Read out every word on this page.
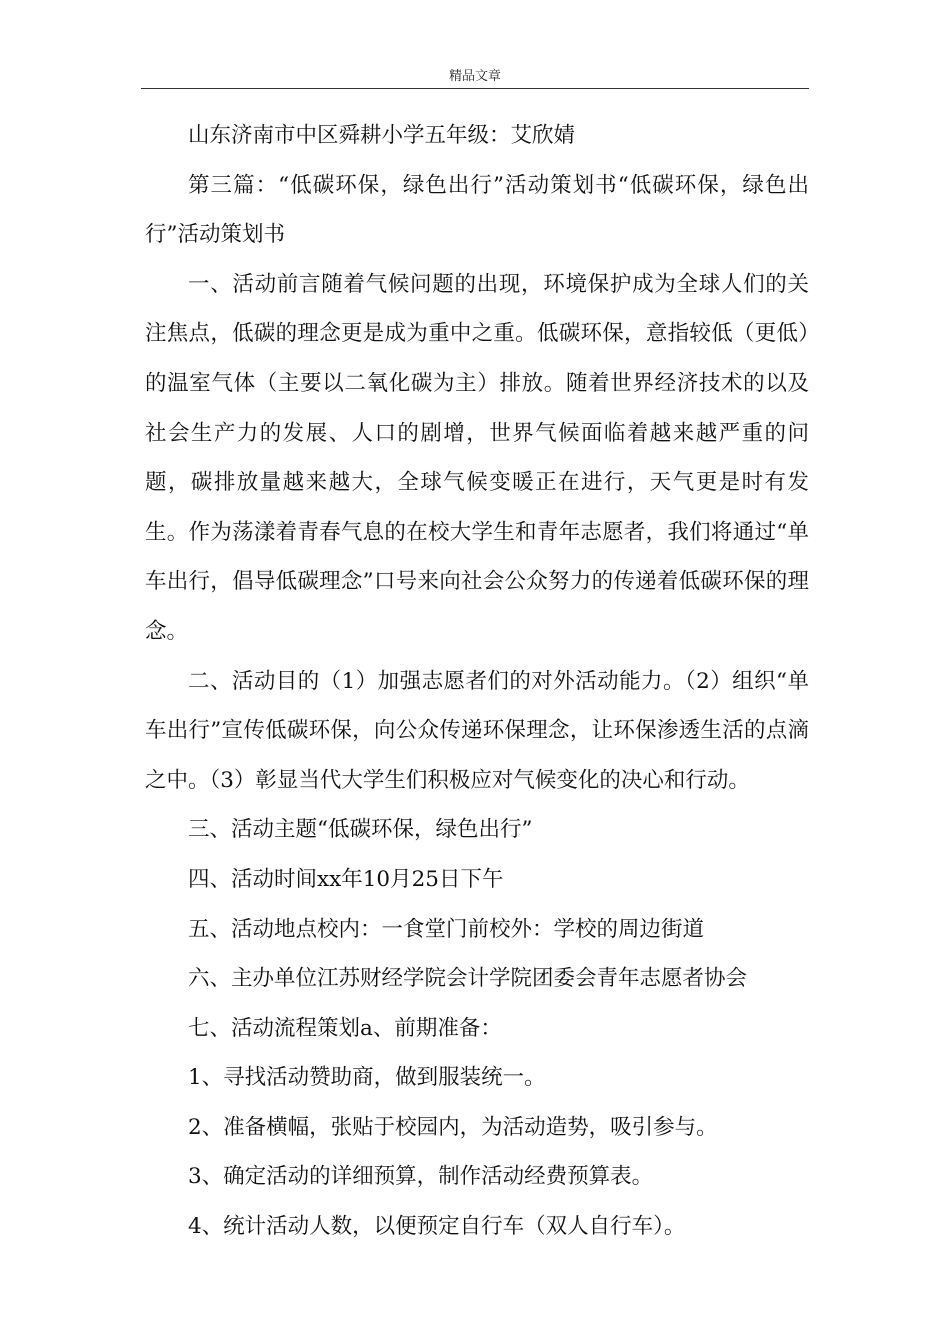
精品文章

山东济南市中区舜耕小学五年级：艾欣婧

第三篇：“低碳环保，绿色出行”活动策划书“低碳环保，绿色出行”活动策划书

一、活动前言随着气候问题的出现，环境保护成为全球人们的关注焦点，低碳的理念更是成为重中之重。低碳环保，意指较低（更低）的温室气体（主要以二氧化碳为主）排放。随着世界经济技术的以及社会生产力的发展、人口的剧增，世界气候面临着越来越严重的问题，碳排放量越来越大，全球气候变暖正在进行，天气更是时有发生。作为荡漾着青春气息的在校大学生和青年志愿者，我们将通过“单车出行，倡导低碳理念”口号来向社会公众努力的传递着低碳环保的理念。

二、活动目的（1）加强志愿者们的对外活动能力。（2）组织“单车出行”宣传低碳环保，向公众传递环保理念，让环保渗透生活的点滴之中。（3）彰显当代大学生们积极应对气候变化的决心和行动。

三、活动主题“低碳环保，绿色出行”

四、活动时间xx年10月25日下午

五、活动地点校内：一食堂门前校外：学校的周边街道

六、主办单位江苏财经学院会计学院团委会青年志愿者协会

七、活动流程策划a、前期准备：

1、寻找活动赞助商，做到服装统一。

2、准备横幅，张贴于校园内，为活动造势，吸引参与。

3、确定活动的详细预算，制作活动经费预算表。

4、统计活动人数，以便预定自行车（双人自行车）。
